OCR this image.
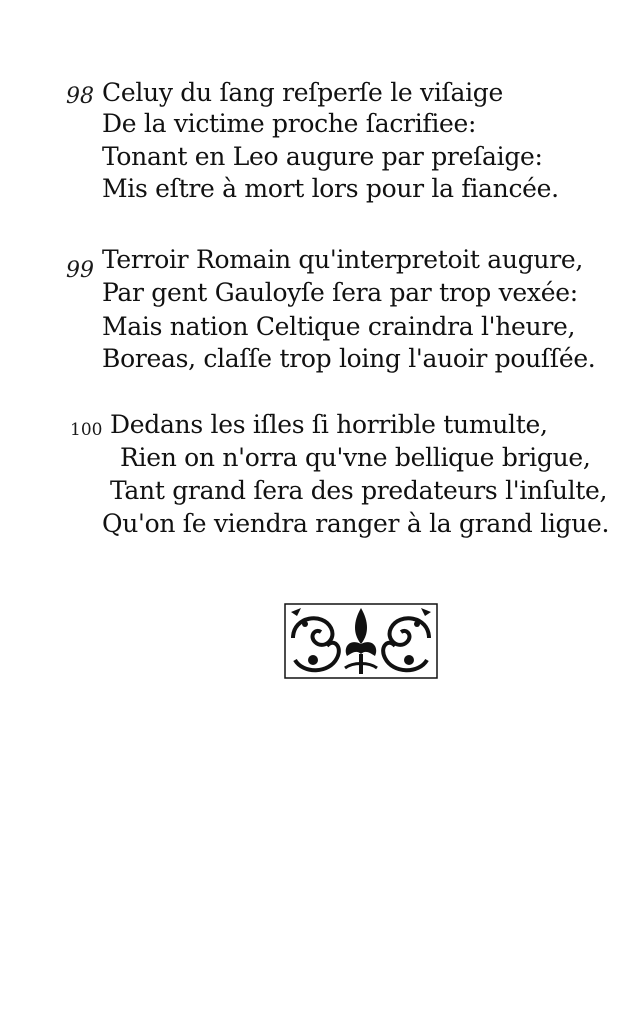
98 Celuy du ſang reſperſe le viſaige
De la victime proche ſacrifiee:
Tonant en Leo augure par preſaige:
Mis eſtre à mort lors pour la fiancée.
99 Terroir Romain qu'interpretoit augure,
Par gent Gauloyſe ſera par trop vexée:
Mais nation Celtique craindra l'heure,
Boreas, claſſe trop loing l'auoir pouſſée.
100 Dedans les iſles ſi horrible tumulte,
Rien on n'orra qu'vne bellique brigue,
Tant grand ſera des predateurs l'inſulte,
Qu'on ſe viendra ranger à la grand ligue.
